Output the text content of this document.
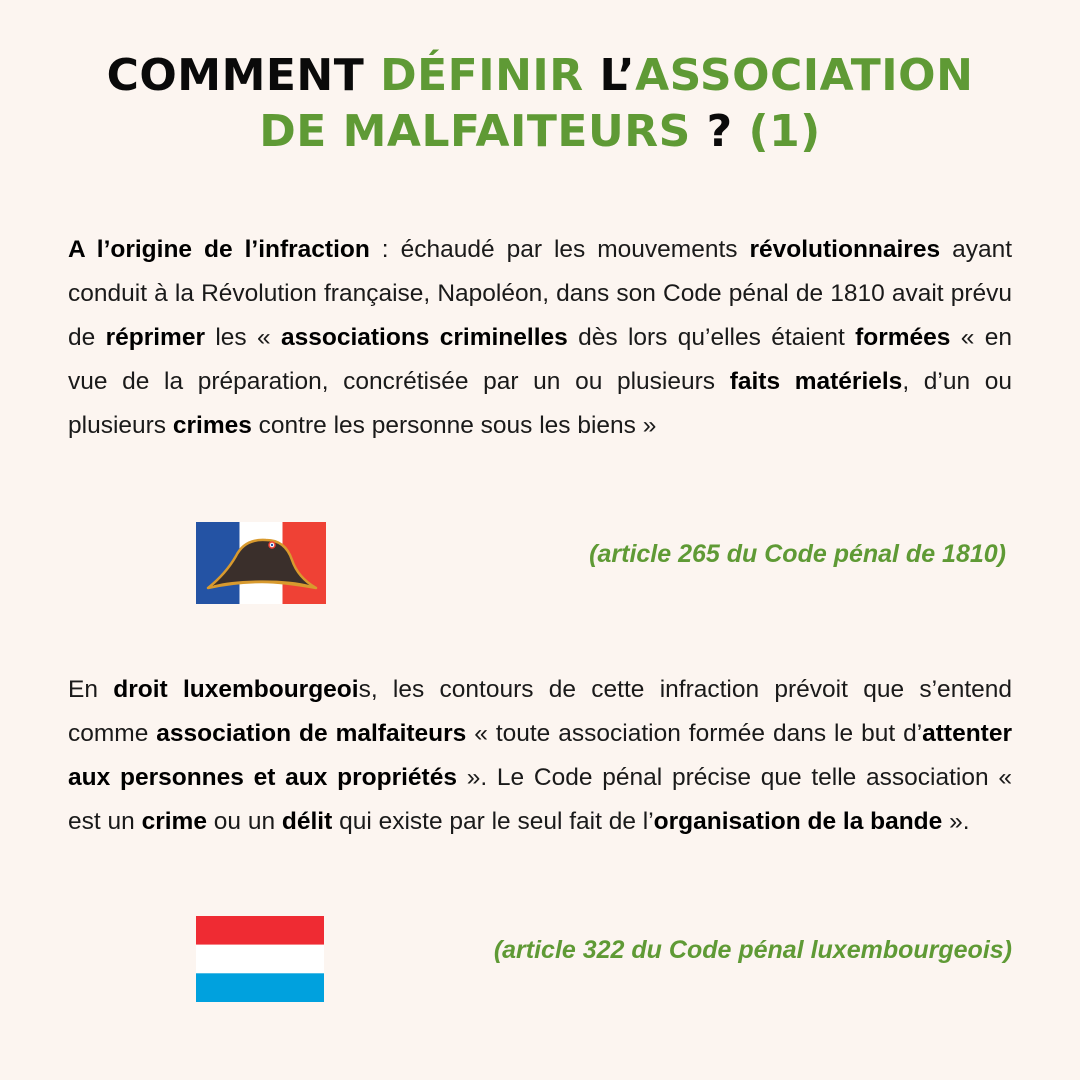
COMMENT DÉFINIR L’ASSOCIATION
DE MALFAITEURS ? (1)
A l’origine de l’infraction : échaudé par les mouvements révolutionnaires ayant conduit à la Révolution française, Napoléon, dans son Code pénal de 1810 avait prévu de réprimer les « associations criminelles dès lors qu’elles étaient formées « en vue de la préparation, concrétisée par un ou plusieurs faits matériels, d’un ou plusieurs crimes contre les personne sous les biens »
(article 265 du Code pénal de 1810)
En droit luxembourgeois, les contours de cette infraction prévoit que s’entend comme association de malfaiteurs « toute association formée dans le but d’attenter aux personnes et aux propriétés ». Le Code pénal précise que telle association « est un crime ou un délit qui existe par le seul fait de l’organisation de la bande ».
(article 322 du Code pénal luxembourgeois)
